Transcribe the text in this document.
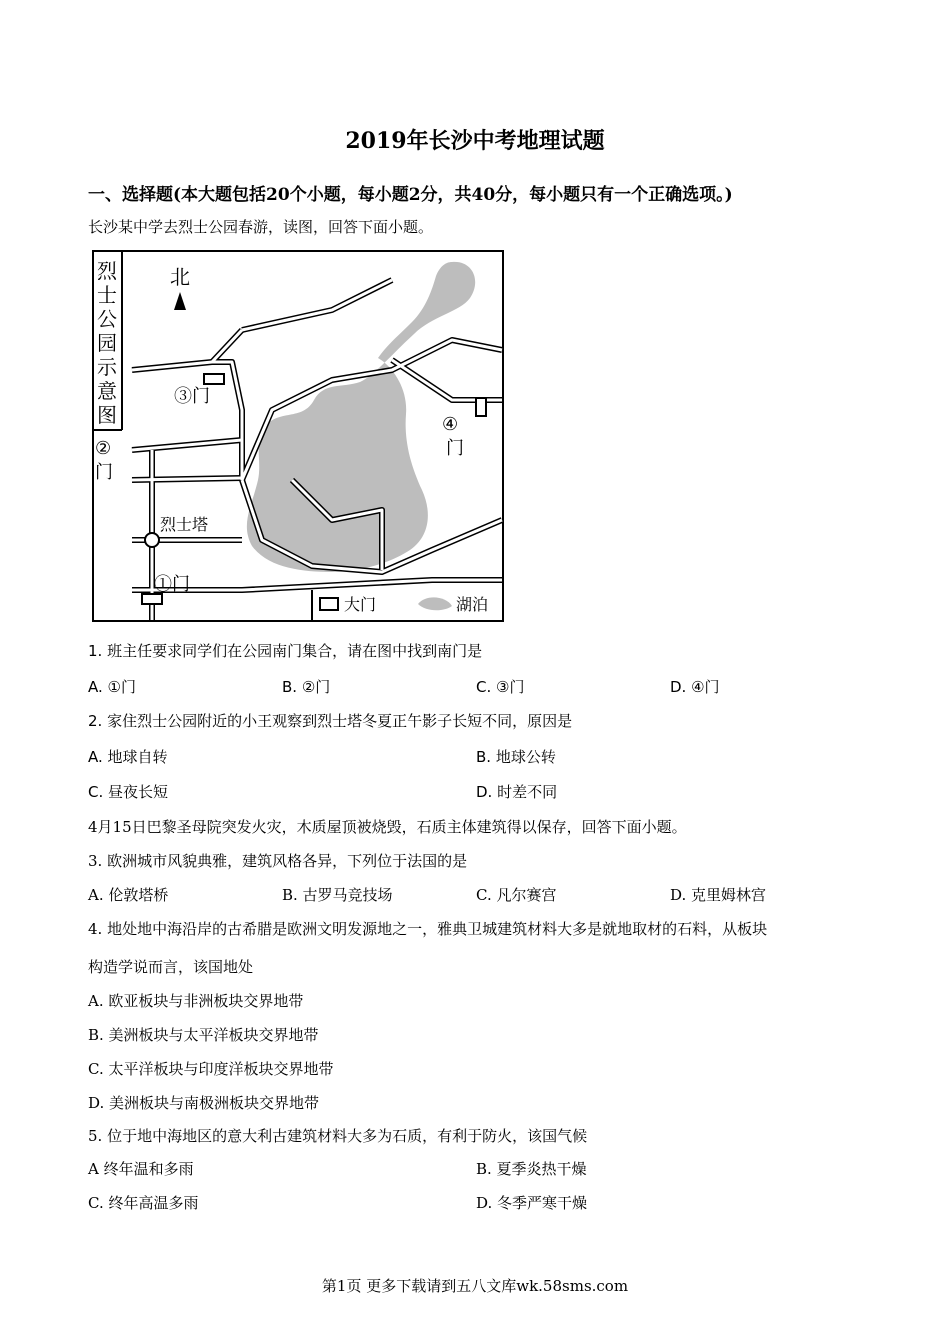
2019年长沙中考地理试题
一、选择题(本大题包括20个小题，每小题2分，共40分，每小题只有一个正确选项。)
长沙某中学去烈士公园春游，读图，回答下面小题。
烈
士
公
园
示
意
图
北
②
门
③门
④
门
烈士塔
①门
大门	湖泊
1. 班主任要求同学们在公园南门集合，请在图中找到南门是
A. ①门	B. ②门	C. ③门	D. ④门
2. 家住烈士公园附近的小王观察到烈士塔冬夏正午影子长短不同，原因是
A. 地球自转	B. 地球公转
C. 昼夜长短	D. 时差不同
4月15日巴黎圣母院突发火灾，木质屋顶被烧毁，石质主体建筑得以保存，回答下面小题。
3. 欧洲城市风貌典雅，建筑风格各异，下列位于法国的是
A. 伦敦塔桥	B. 古罗马竞技场	C. 凡尔赛宫	D. 克里姆林宫
4. 地处地中海沿岸的古希腊是欧洲文明发源地之一，雅典卫城建筑材料大多是就地取材的石料，从板块
构造学说而言，该国地处
A. 欧亚板块与非洲板块交界地带
B. 美洲板块与太平洋板块交界地带
C. 太平洋板块与印度洋板块交界地带
D. 美洲板块与南极洲板块交界地带
5. 位于地中海地区的意大利古建筑材料大多为石质，有利于防火，该国气候
A 终年温和多雨	B. 夏季炎热干燥
C. 终年高温多雨	D. 冬季严寒干燥
第1页 更多下载请到五八文库wk.58sms.com
